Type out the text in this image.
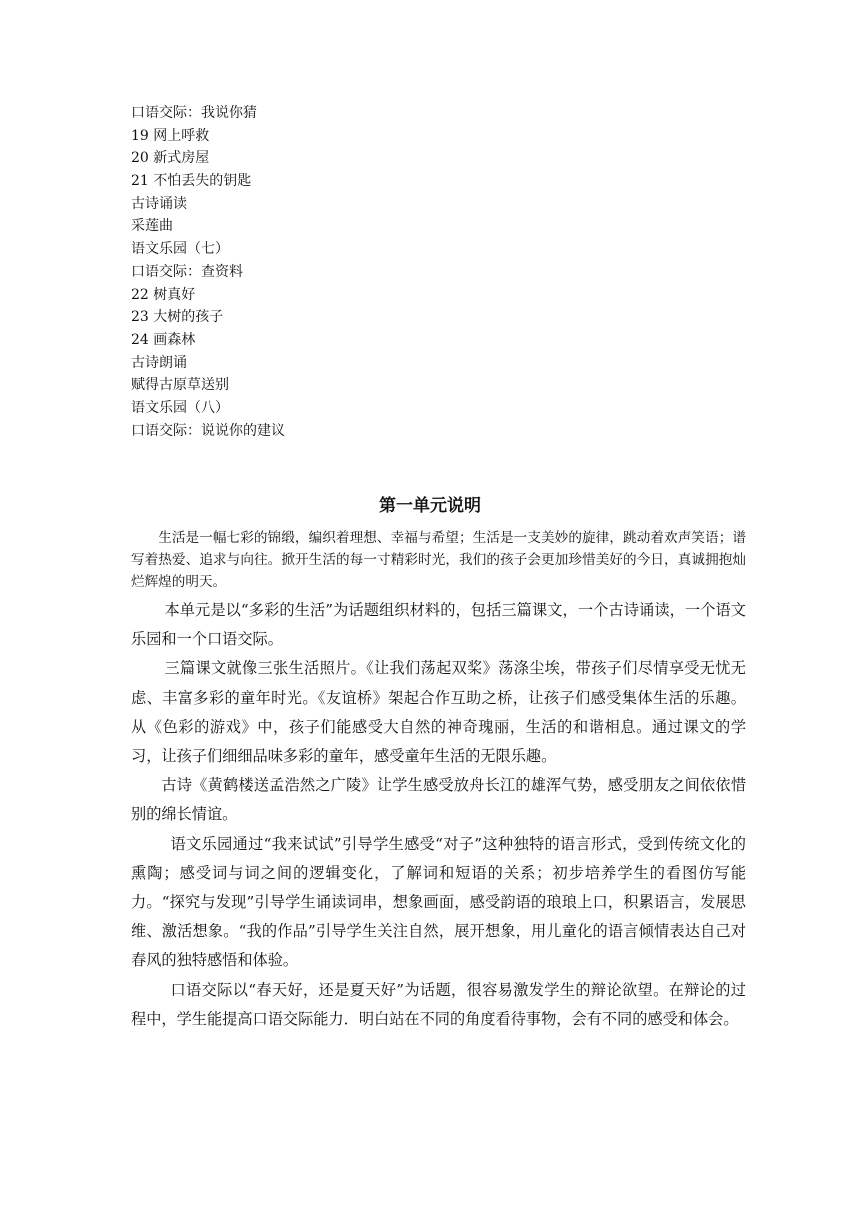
口语交际：我说你猜
19 网上呼救
20 新式房屋
21 不怕丢失的钥匙
古诗诵读
采莲曲
语文乐园（七）
口语交际：查资料
22 树真好
23 大树的孩子
24 画森林
古诗朗诵
赋得古原草送别
语文乐园（八）
口语交际：说说你的建议
第一单元说明

生活是一幅七彩的锦缎，编织着理想、幸福与希望；生活是一支美妙的旋律，跳动着欢声笑语；谱写着热爱、追求与向往。掀开生活的每一寸精彩时光，我们的孩子会更加珍惜美好的今日，真诚拥抱灿烂辉煌的明天。

本单元是以“多彩的生活”为话题组织材料的，包括三篇课文，一个古诗诵读，一个语文乐园和一个口语交际。

三篇课文就像三张生活照片。《让我们荡起双桨》荡涤尘埃，带孩子们尽情享受无忧无虑、丰富多彩的童年时光。《友谊桥》架起合作互助之桥，让孩子们感受集体生活的乐趣。从《色彩的游戏》中，孩子们能感受大自然的神奇瑰丽，生活的和谐相息。通过课文的学习，让孩子们细细品味多彩的童年，感受童年生活的无限乐趣。

古诗《黄鹤楼送孟浩然之广陵》让学生感受放舟长江的雄浑气势，感受朋友之间依依惜别的绵长情谊。

语文乐园通过“我来试试”引导学生感受“对子”这种独特的语言形式，受到传统文化的熏陶；感受词与词之间的逻辑变化，了解词和短语的关系；初步培养学生的看图仿写能力。“探究与发现”引导学生诵读词串，想象画面，感受韵语的琅琅上口，积累语言，发展思维、激活想象。“我的作品”引导学生关注自然，展开想象，用儿童化的语言倾情表达自己对春风的独特感悟和体验。

口语交际以“春天好，还是夏天好”为话题，很容易激发学生的辩论欲望。在辩论的过程中，学生能提高口语交际能力．明白站在不同的角度看待事物，会有不同的感受和体会。
